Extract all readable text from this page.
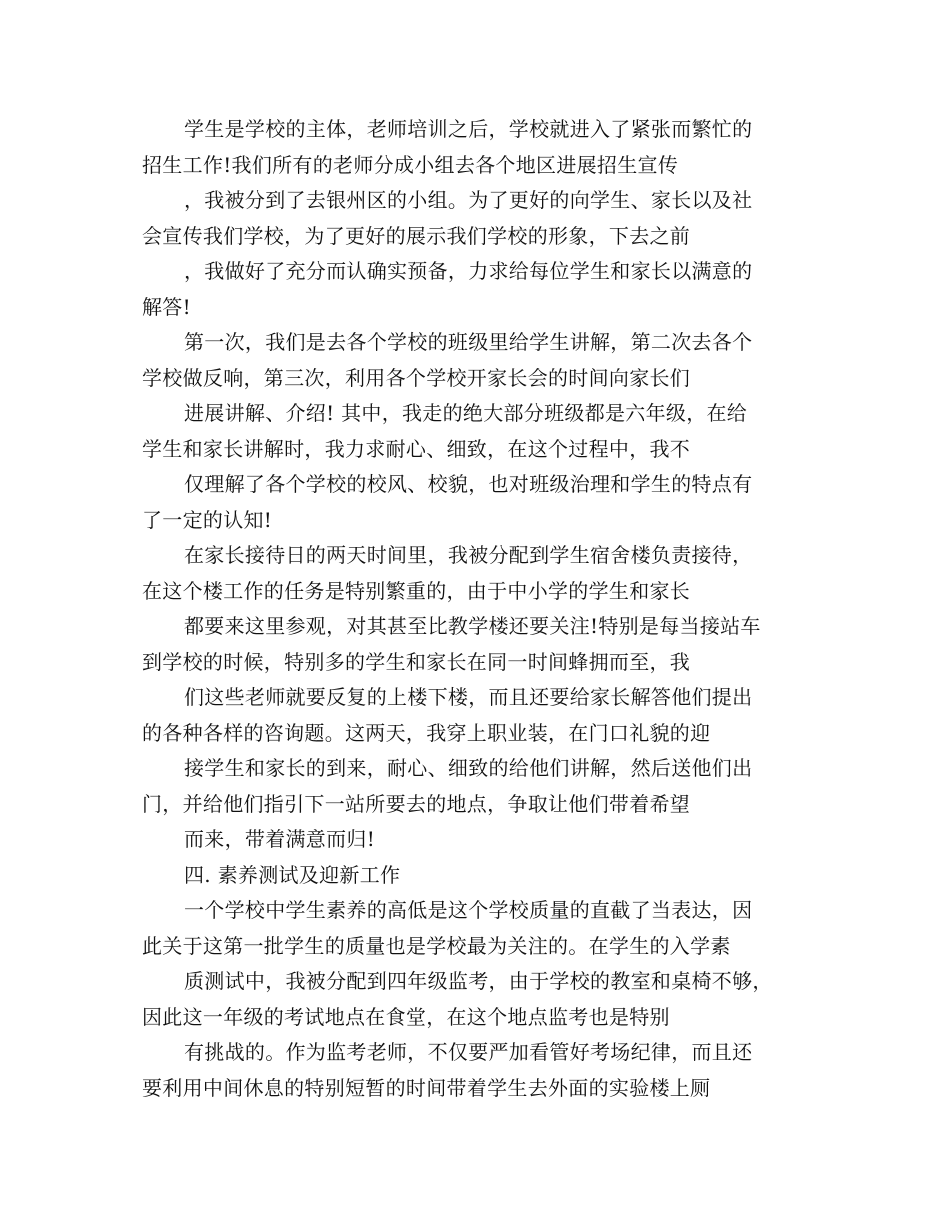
学生是学校的主体，老师培训之后，学校就进入了紧张而繁忙的
招生工作!我们所有的老师分成小组去各个地区进展招生宣传
，我被分到了去银州区的小组。为了更好的向学生、家长以及社
会宣传我们学校，为了更好的展示我们学校的形象，下去之前
，我做好了充分而认确实预备，力求给每位学生和家长以满意的
解答!
第一次，我们是去各个学校的班级里给学生讲解，第二次去各个
学校做反响，第三次，利用各个学校开家长会的时间向家长们
进展讲解、介绍! 其中，我走的绝大部分班级都是六年级，在给
学生和家长讲解时，我力求耐心、细致，在这个过程中，我不
仅理解了各个学校的校风、校貌，也对班级治理和学生的特点有
了一定的认知!
在家长接待日的两天时间里，我被分配到学生宿舍楼负责接待，
在这个楼工作的任务是特别繁重的，由于中小学的学生和家长
都要来这里参观，对其甚至比教学楼还要关注!特别是每当接站车
到学校的时候，特别多的学生和家长在同一时间蜂拥而至，我
们这些老师就要反复的上楼下楼，而且还要给家长解答他们提出
的各种各样的咨询题。这两天，我穿上职业装，在门口礼貌的迎
接学生和家长的到来，耐心、细致的给他们讲解，然后送他们出
门，并给他们指引下一站所要去的地点，争取让他们带着希望
而来，带着满意而归!
四. 素养测试及迎新工作
一个学校中学生素养的高低是这个学校质量的直截了当表达，因
此关于这第一批学生的质量也是学校最为关注的。在学生的入学素
质测试中，我被分配到四年级监考，由于学校的教室和桌椅不够，
因此这一年级的考试地点在食堂，在这个地点监考也是特别
有挑战的。作为监考老师，不仅要严加看管好考场纪律，而且还
要利用中间休息的特别短暂的时间带着学生去外面的实验楼上厕
